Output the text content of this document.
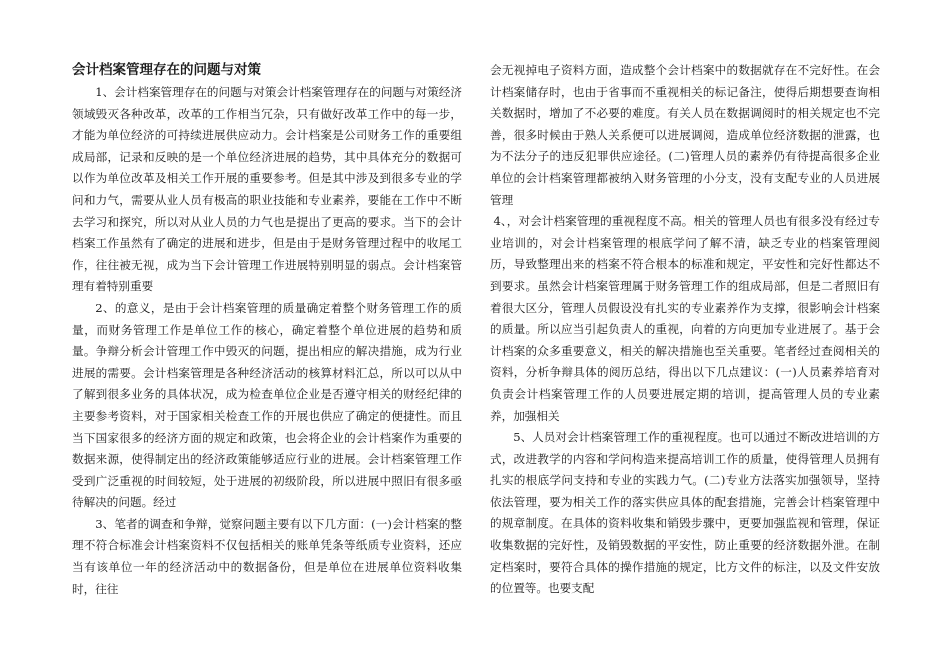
会计档案管理存在的问题与对策

1、会计档案管理存在的问题与对策会计档案管理存在的问题与对策经济领域毁灭各种改革，改革的工作相当冗杂，只有做好改革工作中的每一步，才能为单位经济的可持续进展供应动力。会计档案是公司财务工作的重要组成局部，记录和反映的是一个单位经济进展的趋势，其中具体充分的数据可以作为单位改革及相关工作开展的重要参考。但是其中涉及到很多专业的学问和力气，需要从业人员有极高的职业技能和专业素养，要能在工作中不断去学习和探究，所以对从业人员的力气也是提出了更高的要求。当下的会计档案工作虽然有了确定的进展和进步，但是由于是财务管理过程中的收尾工作，往往被无视，成为当下会计管理工作进展特别明显的弱点。会计档案管理有着特别重要

2、的意义，是由于会计档案管理的质量确定着整个财务管理工作的质量，而财务管理工作是单位工作的核心，确定着整个单位进展的趋势和质量。争辩分析会计管理工作中毁灭的问题，提出相应的解决措施，成为行业进展的需要。会计档案管理是各种经济活动的核算材料汇总，所以可以从中了解到很多业务的具体状况，成为检查单位企业是否遵守相关的财经纪律的主要参考资料，对于国家相关检查工作的开展也供应了确定的便捷性。而且当下国家很多的经济方面的规定和政策，也会将企业的会计档案作为重要的数据来源，使得制定出的经济政策能够适应行业的进展。会计档案管理工作受到广泛重视的时间较短，处于进展的初级阶段，所以进展中照旧有很多亟待解决的问题。经过

3、笔者的调查和争辩，觉察问题主要有以下几方面：(一)会计档案的整理不符合标准会计档案资料不仅包括相关的账单凭条等纸质专业资料，还应当有该单位一年的经济活动中的数据备份，但是单位在进展单位资料收集时，往往

会无视掉电子资料方面，造成整个会计档案中的数据就存在不完好性。在会计档案储存时，也由于省事而不重视相关的标记备注，使得后期想要查询相关数据时，增加了不必要的难度。有关人员在数据调阅时的相关规定也不完善，很多时候由于熟人关系便可以进展调阅，造成单位经济数据的泄露，也为不法分子的违反犯罪供应途径。(二)管理人员的素养仍有待提高很多企业单位的会计档案管理都被纳入财务管理的小分支，没有支配专业的人员进展管理

4、，对会计档案管理的重视程度不高。相关的管理人员也有很多没有经过专业培训的，对会计档案管理的根底学问了解不清，缺乏专业的档案管理阅历，导致整理出来的档案不符合根本的标准和规定，平安性和完好性都达不到要求。虽然会计档案管理属于财务管理工作的组成局部，但是二者照旧有着很大区分，管理人员假设没有扎实的专业素养作为支撑，很影响会计档案的质量。所以应当引起负责人的重视，向着的方向更加专业进展了。基于会计档案的众多重要意义，相关的解决措施也至关重要。笔者经过查阅相关的资料，分析争辩具体的阅历总结，得出以下几点建议：(一)人员素养培育对负责会计档案管理工作的人员要进展定期的培训，提高管理人员的专业素养，加强相关

5、人员对会计档案管理工作的重视程度。也可以通过不断改进培训的方式，改进教学的内容和学问构造来提高培训工作的质量，使得管理人员拥有扎实的根底学问支持和专业的实践力气。(二)专业方法落实加强领导，坚持依法管理，要为相关工作的落实供应具体的配套措施，完善会计档案管理中的规章制度。在具体的资料收集和销毁步骤中，更要加强监视和管理，保证收集数据的完好性，及销毁数据的平安性，防止重要的经济数据外泄。在制定档案时，要符合具体的操作措施的规定，比方文件的标注，以及文件安放的位置等。也要支配
